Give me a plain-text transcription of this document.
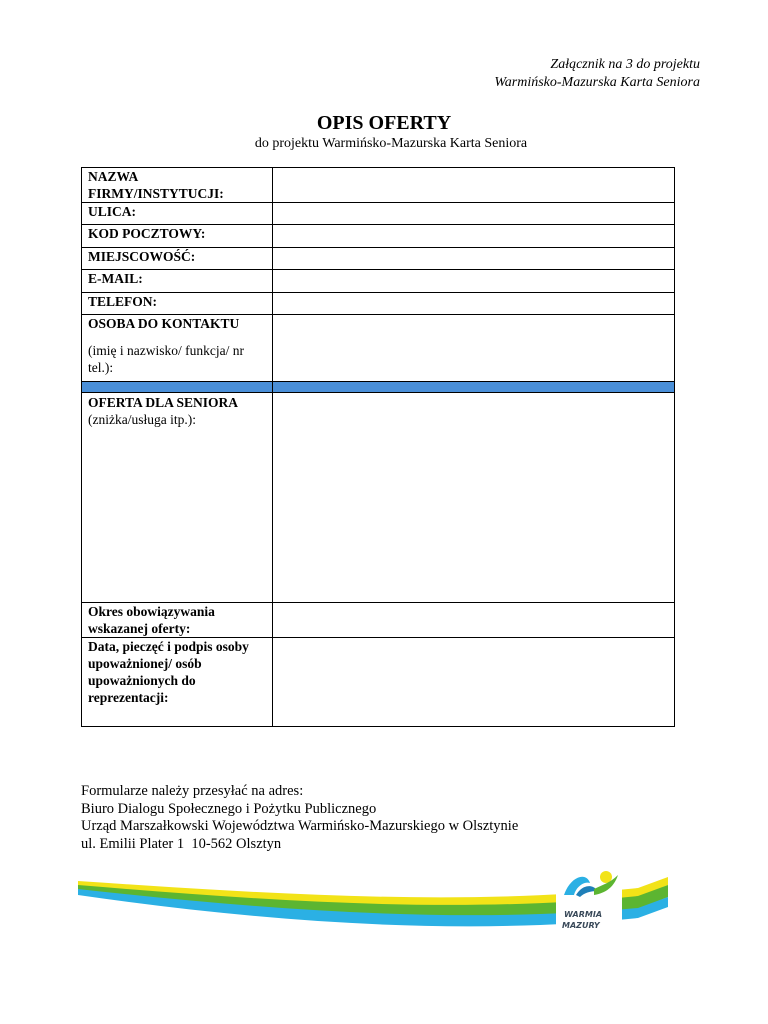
Załącznik na 3 do projektu
Warmińsko-Mazurska Karta Seniora
OPIS OFERTY
do projektu Warmińsko-Mazurska Karta Seniora
NAZWA FIRMY/INSTYTUCJI:	
ULICA:	
KOD POCZTOWY:	
MIEJSCOWOŚĆ:	
E-MAIL:	
TELEFON:	

OSOBA DO KONTAKTU
(imię i nazwisko/ funkcja/ nr tel.):	

OFERTA DLA SENIORA
(zniżka/usługa itp.):	

Okres obowiązywania wskazanej oferty:	
Data, pieczęć i podpis osoby upoważnionej/ osób upoważnionych do reprezentacji:	
Formularze należy przesyłać na adres:
Biuro Dialogu Społecznego i Pożytku Publicznego
Urząd Marszałkowski Województwa Warmińsko-Mazurskiego w Olsztynie
ul. Emilii Plater 1  10-562 Olsztyn
WARMIA
MAZURY
